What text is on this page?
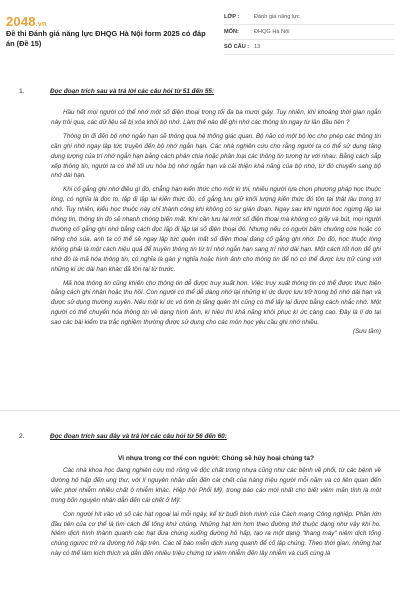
2048.vn
Đề thi Đánh giá năng lực ĐHQG Hà Nội form 2025 có đáp án (Đề 15)
LỚP :	Đánh giá năng lực
MÔN:	ĐHQG Hà Nội
SỐ CÂU : 13
1.	Đọc đoạn trích sau và trả lời các câu hỏi từ 51 đến 55:

Hầu hết mọi người có thể nhớ một số điện thoại trong tối đa ba mươi giây. Tuy nhiên, khi khoảng thời gian ngắn này trôi qua, các dữ liệu sẽ bị xóa khỏi bộ nhớ. Làm thế nào để ghi nhớ các thông tin ngay từ lần đầu tiên ?

Thông tin đi đến bộ nhớ ngắn hạn sẽ thông qua hệ thống giác quan. Bộ não có một bộ lọc cho phép các thông tin cần ghi nhớ ngay lập tức truyền đến bộ nhớ ngắn hạn. Các nhà nghiên cứu cho rằng người ta có thể sử dụng tăng dung lượng của trí nhớ ngắn hạn bằng cách phân chia hoặc phân loại các thông tin tương tự với nhau. Bằng cách sắp xếp thông tin, người ta có thể tối ưu hóa bộ nhớ ngắn hạn và cải thiện khả năng của bộ nhớ, từ đó chuyển sang bộ nhớ dài hạn.

Khi cố gắng ghi nhớ điều gì đó, chẳng hạn kiến thức cho một kì thi, nhiều người lựa chọn phương pháp học thuộc lòng, có nghĩa là đọc to, lặp đi lặp lại kiến thức đó, cố gắng lưu giữ khối lượng kiến thức đó tồn tại thật lâu trong trí nhớ. Tuy nhiên, kiểu học thuộc này chỉ thành công khi không có sự gián đoạn. Ngay sau khi người học ngừng lặp lại thông tin, thông tin đó sẽ nhanh chóng biến mất. Khi cần lưu lại một số điện thoại mà không có giấy và bút, mọi người thường cố gắng ghi nhớ bằng cách đọc lặp đi lặp lại số điện thoại đó. Nhưng nếu có người bấm chuông cửa hoặc có tiếng chó sủa, anh ta có thể sẽ ngay lập tức quên mất số điện thoại đang cố gắng ghi nhớ. Do đó, học thuộc lòng không phải là một cách hiệu quả để truyền thông tin từ trí nhớ ngắn hạn sang trí nhớ dài hạn. Một cách tốt hơn để ghi nhớ đó là mã hóa thông tin, có nghĩa là gán ý nghĩa hoặc hình ảnh cho thông tin để nó có thể được lưu trữ cùng với những kí ức dài hạn khác đã tồn tại từ trước.

Mã hóa thông tin cũng khiến cho thông tin dễ được truy xuất hơn. Việc truy xuất thông tin có thể được thực hiện bằng cách ghi nhận hoặc thu hồi. Con người có thể dễ dàng nhớ lại những kí ức được lưu trữ trong bộ nhớ dài hạn và được sử dụng thường xuyên. Nếu một kí ức vô tình bị lãng quên thì cũng có thể lấy lại được bằng cách nhắc nhớ. Một người có thể chuyển hóa thông tin về dạng hình ảnh, kí hiệu thì khả năng khôi phục kí ức càng cao. Đây là lí do tại sao các bài kiểm tra trắc nghiệm thường được sử dụng cho các môn học yêu cầu ghi nhớ nhiều.

(Sưu tầm)

2.	Đọc đoạn trích sau đây và trả lời các câu hỏi từ 56 đến 60:
Vi nhựa trong cơ thể con người: Chúng sẽ hủy hoại chúng ta?

Các nhà khoa học đang nghiên cứu mô rồng về độc chất trong nhựa cũng như các bệnh về phổi, từ các bệnh về đường hô hấp đến ung thư, với lí nguyên nhân dẫn đến cái chết của hàng triệu người mỗi năm và có liên quan đến việc phơi nhiễm nhiều chất ô nhiễm khác. Hiệp hội Phổi Mỹ, trong báo cáo mới nhất cho biết viêm mãn tính là một trong bốn nguyên nhân dẫn đến cái chết ở Mỹ.

Con người hít vào vô số các hạt ngoại lai mỗi ngày, kể từ buổi bình minh của Cách mạng Công nghiệp. Phần lớn đầu tiên của cơ thể là tìm cách để tống khứ chúng. Những hạt lớn hơn theo đường thở thuộc dạng như vậy khi ho. Niêm dịch hình thành quanh các hạt đưa chúng xuống đường hô hấp, tạo ra một dạng "thang máy" niêm dịch tống chúng ngược trở ra đường hô hấp trên. Các tế bào miễn dịch xung quanh để cố lập chúng. Theo thời gian, những hạt này có thể làm kích thích và dẫn đến nhiều triệu chứng từ viêm nhiễm đến lây nhiễm và cuối cùng là
